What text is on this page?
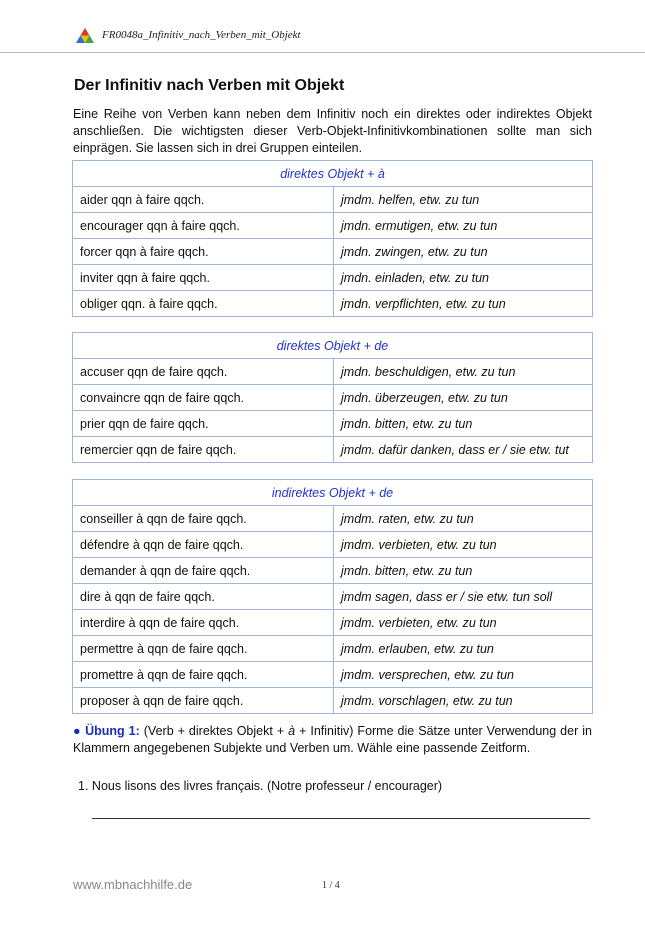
FR0048a_Infinitiv_nach_Verben_mit_Objekt
Der Infinitiv nach Verben mit Objekt
Eine Reihe von Verben kann neben dem Infinitiv noch ein direktes oder indirektes Objekt anschließen. Die wichtigsten dieser Verb-Objekt-Infinitivkombinationen sollte man sich einprägen. Sie lassen sich in drei Gruppen einteilen.
direktes Objekt + à	
aider qqn à faire qqch.	jmdm. helfen, etw. zu tun
encourager qqn à faire qqch.	jmdn. ermutigen, etw. zu tun
forcer qqn à faire qqch.	jmdn. zwingen, etw. zu tun
inviter qqn à faire qqch.	jmdn. einladen, etw. zu tun
obliger qqn. à faire qqch.	jmdn. verpflichten, etw. zu tun
direktes Objekt + de	
accuser qqn de faire qqch.	jmdn. beschuldigen, etw. zu tun
convaincre qqn de faire qqch.	jmdn. überzeugen, etw. zu tun
prier qqn de faire qqch.	jmdn. bitten, etw. zu tun
remercier qqn de faire qqch.	jmdm. dafür danken, dass er / sie etw. tut
indirektes Objekt + de	
conseiller à qqn de faire qqch.	jmdm. raten, etw. zu tun
défendre à qqn de faire qqch.	jmdm. verbieten, etw. zu tun
demander à qqn de faire qqch.	jmdn. bitten, etw. zu tun
dire à qqn de faire qqch.	jmdm sagen, dass er / sie etw. tun soll
interdire à qqn de faire qqch.	jmdm. verbieten, etw. zu tun
permettre à qqn de faire qqch.	jmdm. erlauben, etw. zu tun
promettre à qqn de faire qqch.	jmdm. versprechen, etw. zu tun
proposer à qqn de faire qqch.	jmdm. vorschlagen, etw. zu tun
● Übung 1: (Verb + direktes Objekt + à + Infinitiv) Forme die Sätze unter Verwendung der in Klammern angegebenen Subjekte und Verben um. Wähle eine passende Zeitform.
1. Nous lisons des livres français. (Notre professeur / encourager)
www.mbnachhilfe.de	1 / 4
